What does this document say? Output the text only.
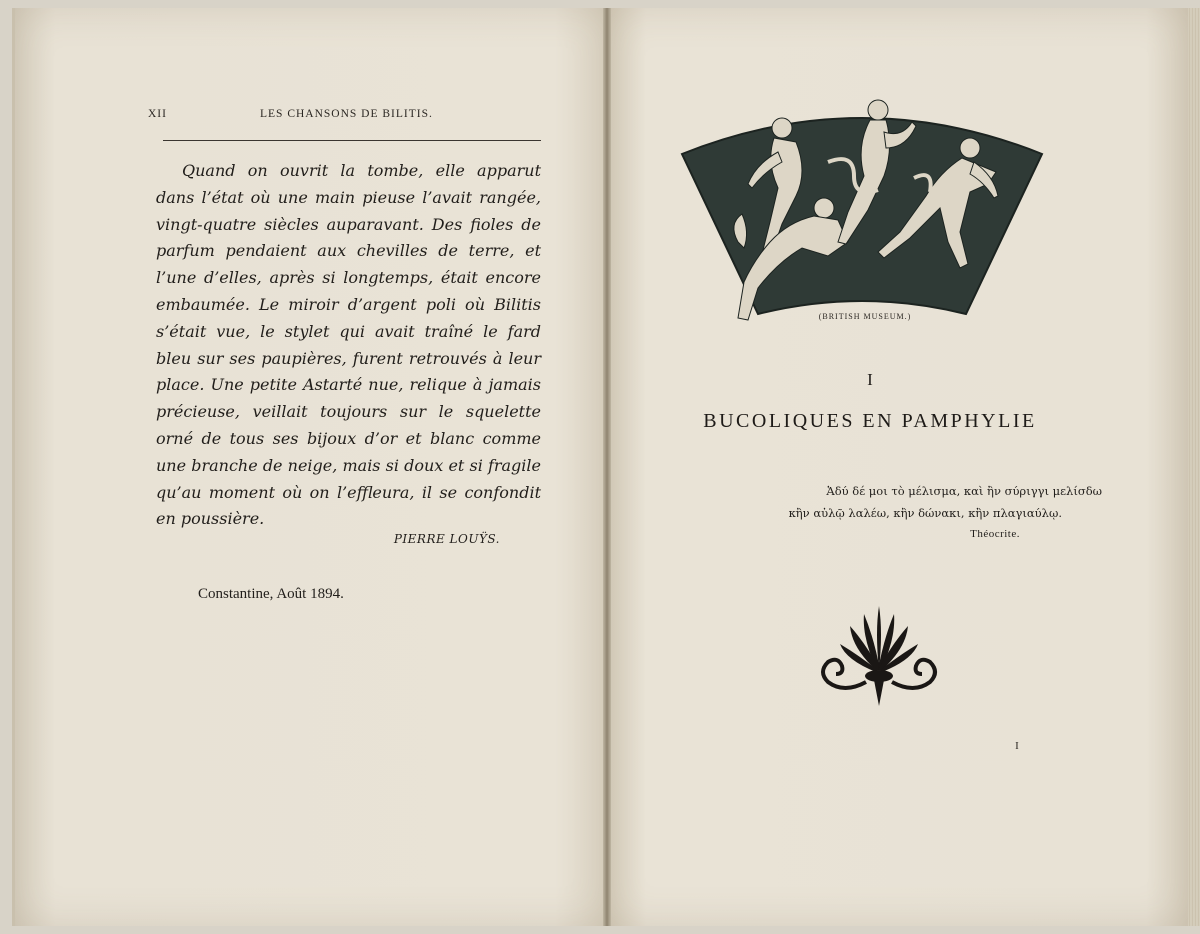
XII	LES CHANSONS DE BILITIS.

Quand on ouvrit la tombe, elle apparut dans l’état où une main pieuse l’avait rangée, vingt-quatre siècles auparavant. Des fioles de parfum pendaient aux chevilles de terre, et l’une d’elles, après si longtemps, était encore embaumée. Le miroir d’argent poli où Bilitis s’était vue, le stylet qui avait traîné le fard bleu sur ses paupières, furent retrouvés à leur place. Une petite Astarté nue, relique à jamais précieuse, veillait toujours sur le squelette orné de tous ses bijoux d’or et blanc comme une branche de neige, mais si doux et si fragile qu’au moment où on l’effleura, il se confondit en poussière.

PIERRE LOUŸS.
Constantine, Août 1894.
(BRITISH MUSEUM.)
I
BUCOLIQUES EN PAMPHYLIE
Ἁδύ δέ μοι τὸ μέλισμα, καὶ ἢν σύριγγι μελίσδω
κἢν αὐλῷ λαλέω, κἢν δώνακι, κἢν πλαγιαύλῳ.
Théocrite.
I
